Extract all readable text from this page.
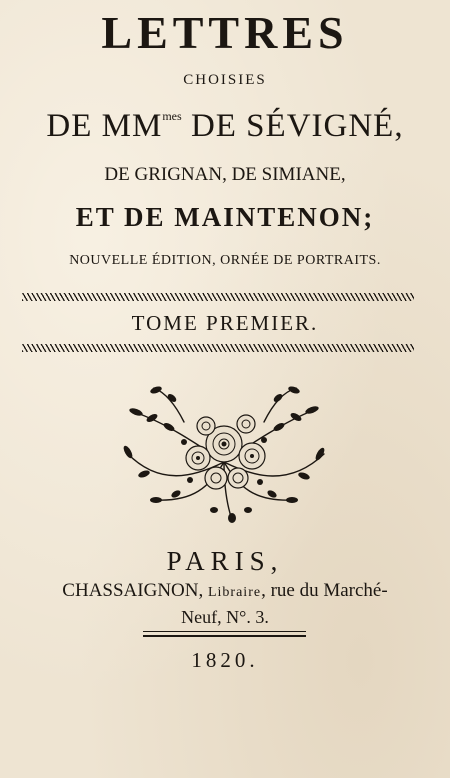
LETTRES
CHOISIES
DE $MM^{mes}$ DE SÉVIGNÉ,
DE GRIGNAN, DE SIMIANE,
ET DE MAINTENON;
NOUVELLE ÉDITION, ORNÉE DE PORTRAITS.
TOME PREMIER.
PARIS,
CHASSAIGNON, Libraire, rue du Marché-
Neuf, N°. 3.
1820.
